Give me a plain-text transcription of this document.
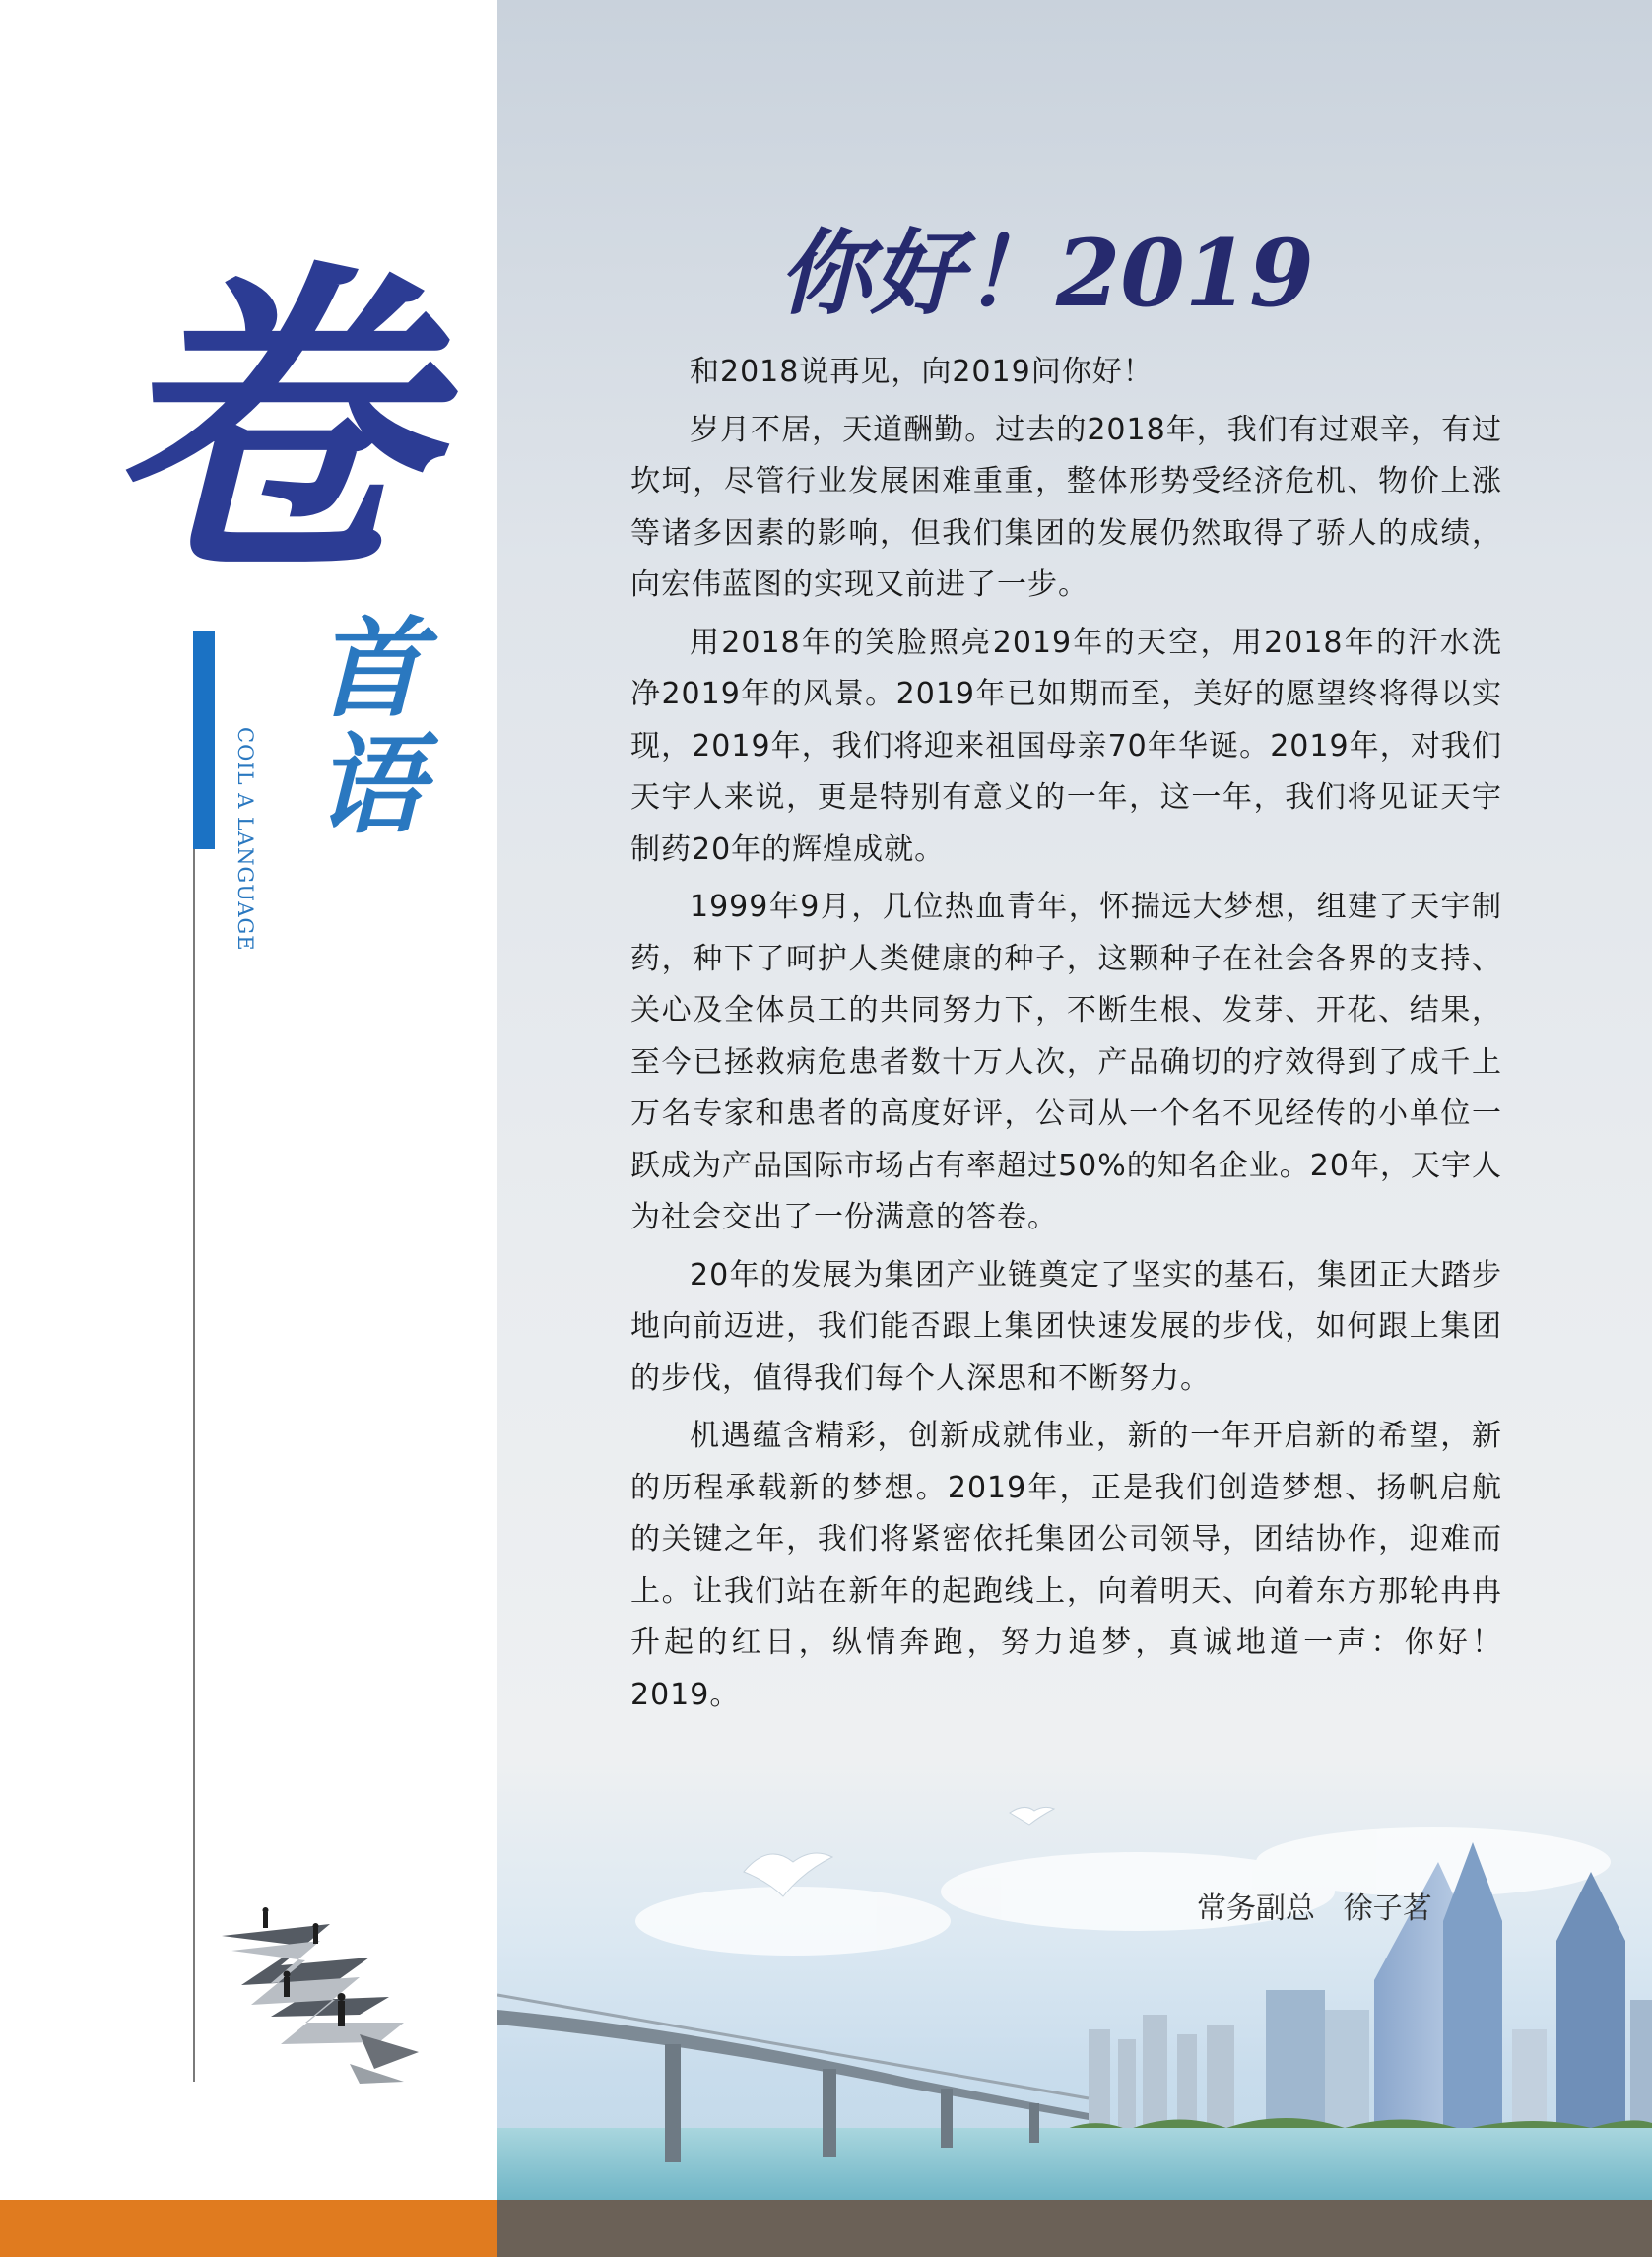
卷
首语
COIL A LANGUAGE
你好！2019

和2018说再见，向2019问你好！

岁月不居，天道酬勤。过去的2018年，我们有过艰辛，有过坎坷，尽管行业发展困难重重，整体形势受经济危机、物价上涨等诸多因素的影响，但我们集团的发展仍然取得了骄人的成绩，向宏伟蓝图的实现又前进了一步。

用2018年的笑脸照亮2019年的天空，用2018年的汗水洗净2019年的风景。2019年已如期而至，美好的愿望终将得以实现，2019年，我们将迎来祖国母亲70年华诞。2019年，对我们天宇人来说，更是特别有意义的一年，这一年，我们将见证天宇制药20年的辉煌成就。

1999年9月，几位热血青年，怀揣远大梦想，组建了天宇制药，种下了呵护人类健康的种子，这颗种子在社会各界的支持、关心及全体员工的共同努力下，不断生根、发芽、开花、结果，至今已拯救病危患者数十万人次，产品确切的疗效得到了成千上万名专家和患者的高度好评，公司从一个名不见经传的小单位一跃成为产品国际市场占有率超过50%的知名企业。20年，天宇人为社会交出了一份满意的答卷。

20年的发展为集团产业链奠定了坚实的基石，集团正大踏步地向前迈进，我们能否跟上集团快速发展的步伐，如何跟上集团的步伐，值得我们每个人深思和不断努力。

机遇蕴含精彩，创新成就伟业，新的一年开启新的希望，新的历程承载新的梦想。2019年，正是我们创造梦想、扬帆启航的关键之年，我们将紧密依托集团公司领导，团结协作，迎难而上。让我们站在新年的起跑线上，向着明天、向着东方那轮冉冉升起的红日，纵情奔跑，努力追梦，真诚地道一声：你好！2019。

常务副总   徐子茗
